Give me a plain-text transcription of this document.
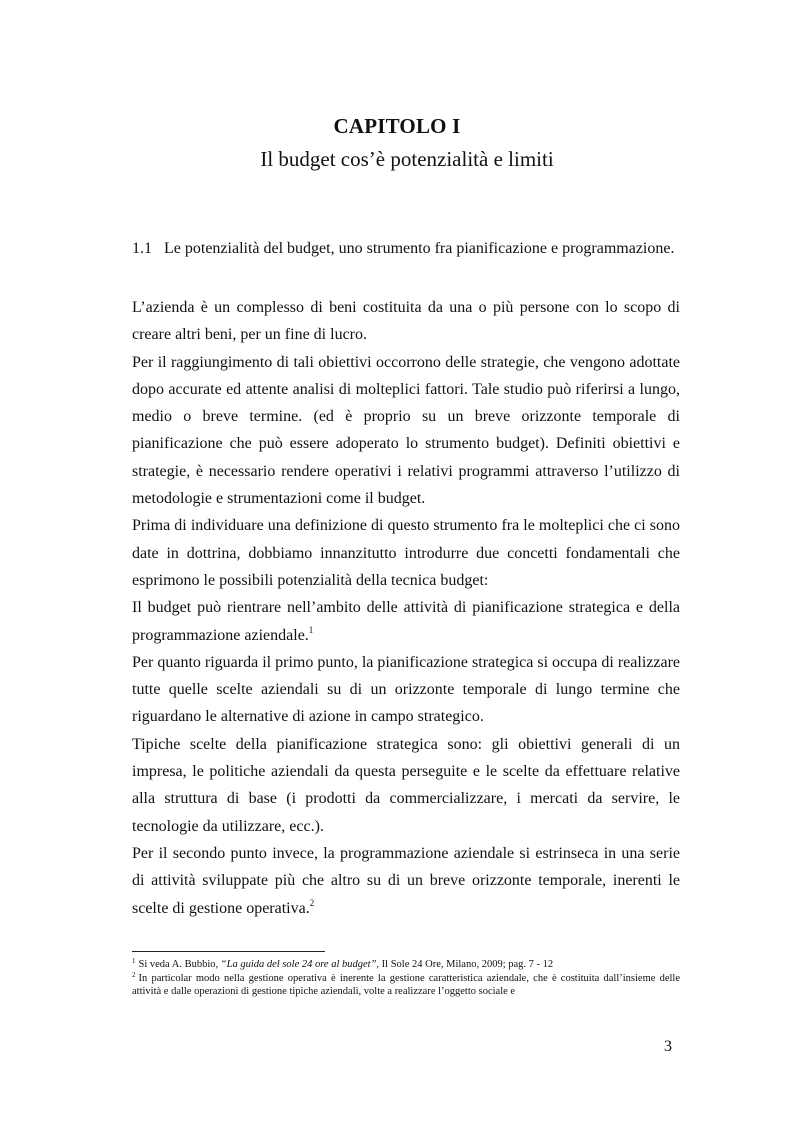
CAPITOLO I
Il budget cos’è potenzialità e limiti
1.1 Le potenzialità del budget, uno strumento fra pianificazione e programmazione.

L’azienda è un complesso di beni costituita da una o più persone con lo scopo di creare altri beni, per un fine di lucro.

Per il raggiungimento di tali obiettivi occorrono delle strategie, che vengono adottate dopo accurate ed attente analisi di molteplici fattori. Tale studio può riferirsi a lungo, medio o breve termine. (ed è proprio su un breve orizzonte temporale di pianificazione che può essere adoperato lo strumento budget). Definiti obiettivi e strategie, è necessario rendere operativi i relativi programmi attraverso l’utilizzo di metodologie e strumentazioni come il budget.

Prima di individuare una definizione di questo strumento fra le molteplici che ci sono date in dottrina, dobbiamo innanzitutto introdurre due concetti fondamentali che esprimono le possibili potenzialità della tecnica budget:

Il budget può rientrare nell’ambito delle attività di pianificazione strategica e della programmazione aziendale.$^1$

Per quanto riguarda il primo punto, la pianificazione strategica si occupa di realizzare tutte quelle scelte aziendali su di un orizzonte temporale di lungo termine che riguardano le alternative di azione in campo strategico.

Tipiche scelte della pianificazione strategica sono: gli obiettivi generali di un impresa, le politiche aziendali da questa perseguite e le scelte da effettuare relative alla struttura di base (i prodotti da commercializzare, i mercati da servire, le tecnologie da utilizzare, ecc.).

Per il secondo punto invece, la programmazione aziendale si estrinseca in una serie di attività sviluppate più che altro su di un breve orizzonte temporale, inerenti le scelte di gestione operativa.$^2$

$^1$ Si veda A. Bubbio, “La guida del sole 24 ore al budget”, Il Sole 24 Ore, Milano, 2009; pag. 7 - 12

$^2$ In particolar modo nella gestione operativa è inerente la gestione caratteristica aziendale, che è costituita dall’insieme delle attività e dalle operazioni di gestione tipiche aziendali, volte a realizzare l’oggetto sociale e

3
